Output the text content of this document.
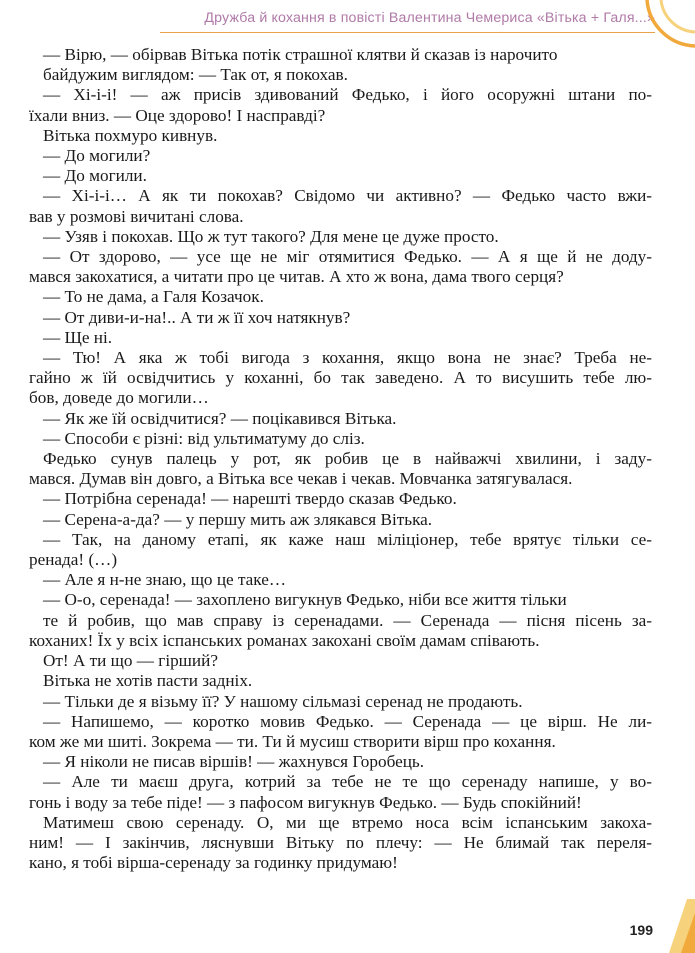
Дружба й кохання в повісті Валентина Чемериса «Вітька + Галя...»

— Вірю, — обірвав Вітька потік страшної клятви й сказав із нарочито

байдужим виглядом: — Так от, я покохав.

— Хі-і-і! — аж присів здивований Федько, і його осоружні штани по-

їхали вниз. — Оце здорово! І насправді?

Вітька похмуро кивнув.

— До могили?

— До могили.

— Хі-і-і… А як ти покохав? Свідомо чи активно? — Федько часто вжи-

вав у розмові вичитані слова.

— Узяв і покохав. Що ж тут такого? Для мене це дуже просто.

— От здорово, — усе ще не міг отямитися Федько. — А я ще й не доду-

мався закохатися, а читати про це читав. А хто ж вона, дама твого серця?

— То не дама, а Галя Козачок.

— От диви-и-на!.. А ти ж її хоч натякнув?

— Ще ні.

— Тю! А яка ж тобі вигода з кохання, якщо вона не знає? Треба не-

гайно ж їй освідчитись у коханні, бо так заведено. А то висушить тебе лю-

бов, доведе до могили…

— Як же їй освідчитися? — поцікавився Вітька.

— Способи є різні: від ультиматуму до сліз.

Федько сунув палець у рот, як робив це в найважчі хвилини, і заду-

мався. Думав він довго, а Вітька все чекав і чекав. Мовчанка затягувалася.

— Потрібна серенада! — нарешті твердо сказав Федько.

— Серена-а-да? — у першу мить аж злякався Вітька.

— Так, на даному етапі, як каже наш міліціонер, тебе врятує тільки се-

ренада! (…)

— Але я н-не знаю, що це таке…

— О-о, серенада! — захоплено вигукнув Федько, ніби все життя тільки

те й робив, що мав справу із серенадами. — Серенада — пісня пісень за-

коханих! Їх у всіх іспанських романах закохані своїм дамам співають.

От! А ти що — гірший?

Вітька не хотів пасти задніх.

— Тільки де я візьму її? У нашому сільмазі серенад не продають.

— Напишемо, — коротко мовив Федько. — Серенада — це вірш. Не ли-

ком же ми шиті. Зокрема — ти. Ти й мусиш створити вірш про кохання.

— Я ніколи не писав віршів! — жахнувся Горобець.

— Але ти маєш друга, котрий за тебе не те що серенаду напише, у во-

гонь і воду за тебе піде! — з пафосом вигукнув Федько. — Будь спокійний!

Матимеш свою серенаду. О, ми ще втремо носа всім іспанським закоха-

ним! — І закінчив, ляснувши Вітьку по плечу: — Не блимай так переля-

кано, я тобі вірша-серенаду за годинку придумаю!

199
